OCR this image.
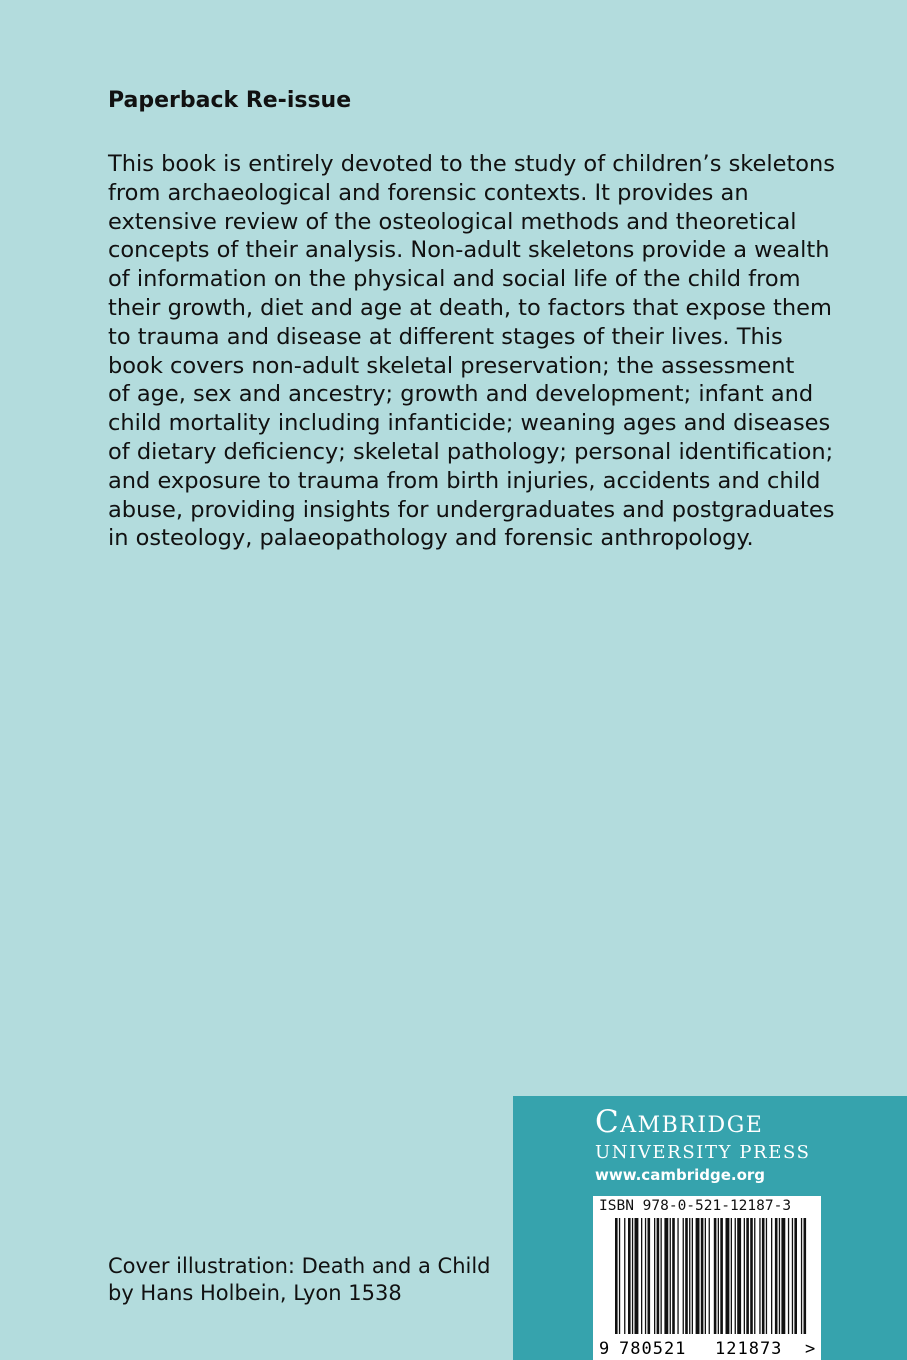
Paperback Re-issue

This book is entirely devoted to the study of children’s skeletons
from archaeological and forensic contexts. It provides an
extensive review of the osteological methods and theoretical
concepts of their analysis. Non-adult skeletons provide a wealth
of information on the physical and social life of the child from
their growth, diet and age at death, to factors that expose them
to trauma and disease at different stages of their lives. This
book covers non-adult skeletal preservation; the assessment
of age, sex and ancestry; growth and development; infant and
child mortality including infanticide; weaning ages and diseases
of dietary deficiency; skeletal pathology; personal identification;
and exposure to trauma from birth injuries, accidents and child
abuse, providing insights for undergraduates and postgraduates
in osteology, palaeopathology and forensic anthropology.

Cover illustration: Death and a Child
by Hans Holbein, Lyon 1538

Cambridge

UNIVERSITY PRESS

www.cambridge.org

ISBN 978-0-521-12187-3

9 780521 121873 >
